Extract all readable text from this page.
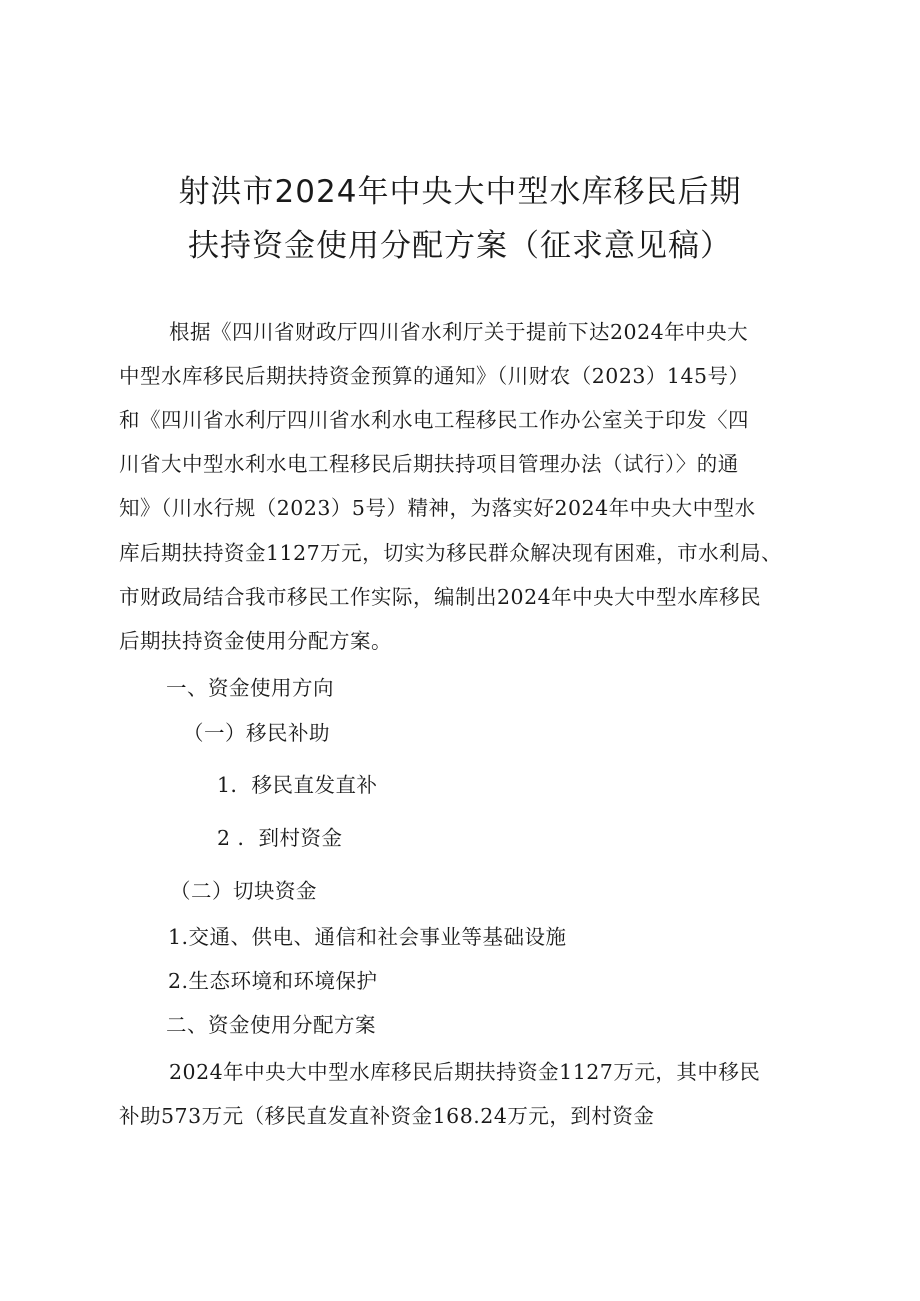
射洪市2024年中央大中型水库移民后期
扶持资金使用分配方案（征求意见稿）
根据《四川省财政厅四川省水利厅关于提前下达2024年中央大
中型水库移民后期扶持资金预算的通知》（川财农（2023）145号）
和《四川省水利厅四川省水利水电工程移民工作办公室关于印发〈四
川省大中型水利水电工程移民后期扶持项目管理办法（试行）〉的通
知》（川水行规（2023）5号）精神，为落实好2024年中央大中型水
库后期扶持资金1127万元，切实为移民群众解决现有困难，市水利局、
市财政局结合我市移民工作实际，编制出2024年中央大中型水库移民
后期扶持资金使用分配方案。
一、资金使用方向
（一）移民补助
1．移民直发直补
2 ．到村资金
（二）切块资金
1.交通、供电、通信和社会事业等基础设施
2.生态环境和环境保护
二、资金使用分配方案
2024年中央大中型水库移民后期扶持资金1127万元，其中移民
补助573万元（移民直发直补资金168.24万元，到村资金
